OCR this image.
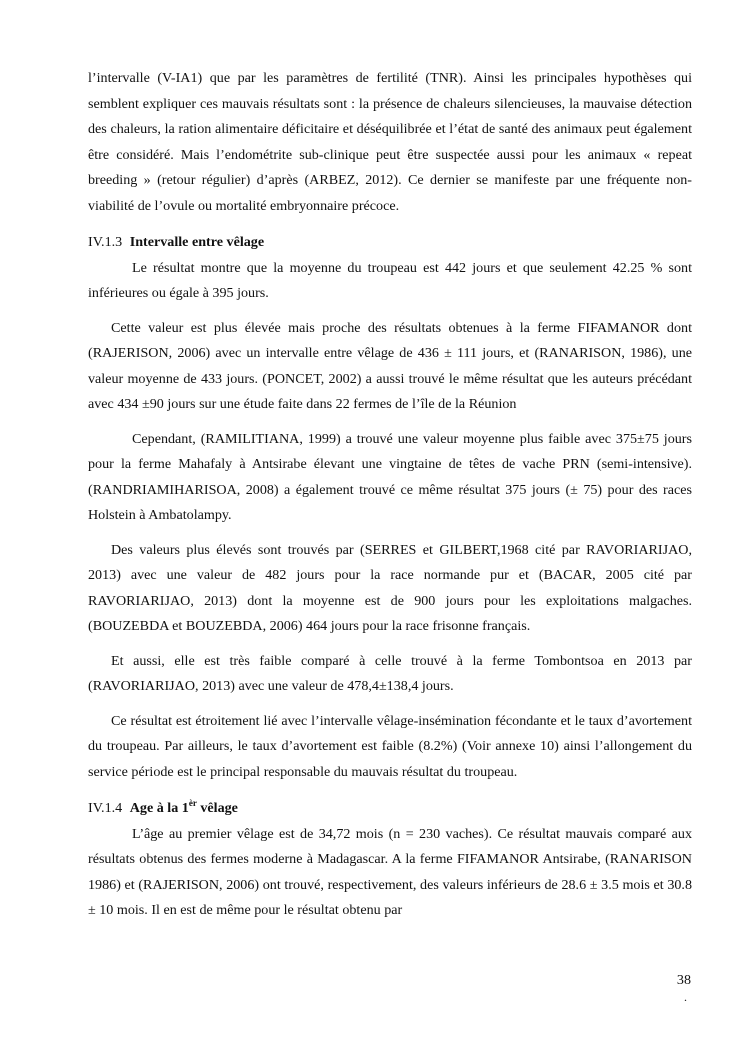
l’intervalle (V-IA1) que par les paramètres de fertilité (TNR). Ainsi les principales hypothèses qui semblent expliquer ces mauvais résultats sont : la présence de chaleurs silencieuses, la mauvaise détection des chaleurs, la ration alimentaire déficitaire et déséquilibrée et l’état de santé des animaux peut également être considéré. Mais l’endométrite sub-clinique peut être suspectée aussi pour les animaux « repeat breeding » (retour régulier) d’après (ARBEZ, 2012). Ce dernier se manifeste par une fréquente non-viabilité de l’ovule ou mortalité embryonnaire précoce.

IV.1.3 Intervalle entre vêlage

Le résultat montre que la moyenne du troupeau est 442 jours et que seulement 42.25 % sont inférieures ou égale à 395 jours.

Cette valeur est plus élevée mais proche des résultats obtenues à la ferme FIFAMANOR dont (RAJERISON, 2006) avec un intervalle entre vêlage de 436 ± 111 jours, et (RANARISON, 1986), une valeur moyenne de 433 jours. (PONCET, 2002) a aussi trouvé le même résultat que les auteurs précédant avec 434 ±90 jours sur une étude faite dans 22 fermes de l’île de la Réunion

Cependant, (RAMILITIANA, 1999) a trouvé une valeur moyenne plus faible avec 375±75 jours pour la ferme Mahafaly à Antsirabe élevant une vingtaine de têtes de vache PRN (semi-intensive). (RANDRIAMIHARISOA, 2008) a également trouvé ce même résultat 375 jours (± 75) pour des races Holstein à Ambatolampy.

Des valeurs plus élevés sont trouvés par (SERRES et GILBERT,1968 cité par RAVORIARIJAO, 2013) avec une valeur de 482 jours pour la race normande pur et (BACAR, 2005 cité par RAVORIARIJAO, 2013) dont la moyenne est de 900 jours pour les exploitations malgaches. (BOUZEBDA et BOUZEBDA, 2006) 464 jours pour la race frisonne français.

Et aussi, elle est très faible comparé à celle trouvé à la ferme Tombontsoa en 2013 par (RAVORIARIJAO, 2013) avec une valeur de 478,4±138,4 jours.

Ce résultat est étroitement lié avec l’intervalle vêlage-insémination fécondante et le taux d’avortement du troupeau. Par ailleurs, le taux d’avortement est faible (8.2%) (Voir annexe 10) ainsi l’allongement du service période est le principal responsable du mauvais résultat du troupeau.

IV.1.4 Age à la $1^{èr}$ vêlage

L’âge au premier vêlage est de 34,72 mois (n = 230 vaches). Ce résultat mauvais comparé aux résultats obtenus des fermes moderne à Madagascar. A la ferme FIFAMANOR Antsirabe, (RANARISON 1986) et (RAJERISON, 2006) ont trouvé, respectivement, des valeurs inférieurs de 28.6 ± 3.5 mois et 30.8 ± 10 mois. Il en est de même pour le résultat obtenu par

38
.
